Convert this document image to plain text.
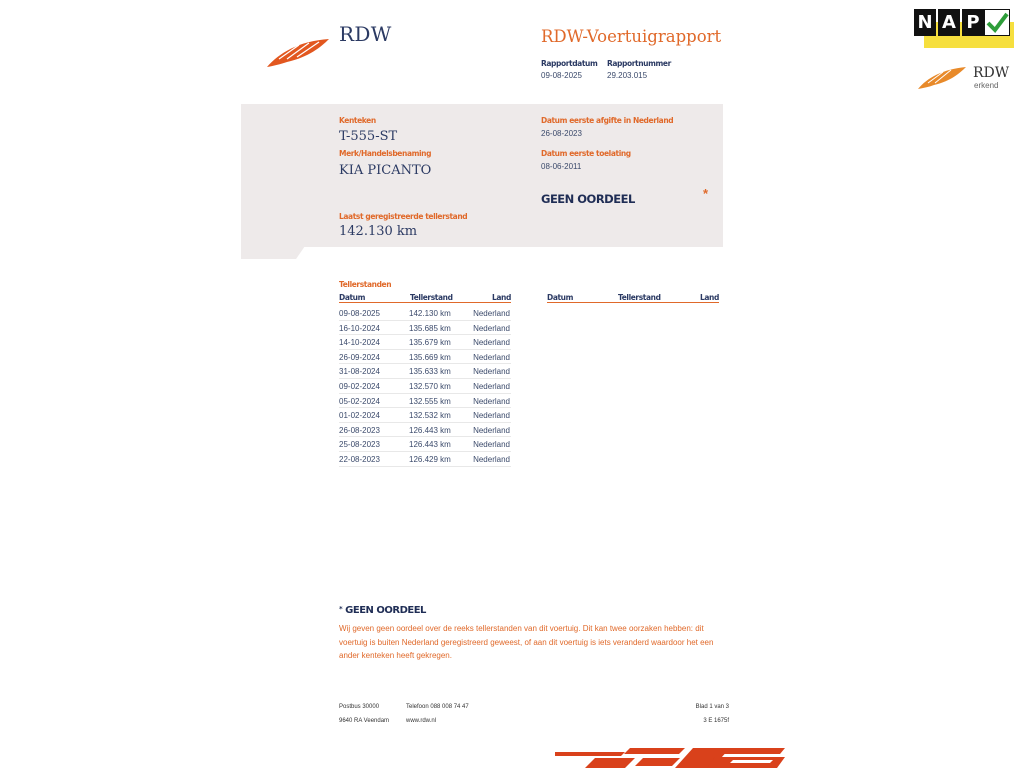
RDW	RDW-Voertuigrapport
Rapportdatum
09-08-2025
Rapportnummer
29.203.015
N A P
RDW
erkend
Kenteken
T-555-ST
Merk/Handelsbenaming
KIA PICANTO
Datum eerste afgifte in Nederland
26-08-2023
Datum eerste toelating
08-06-2011
GEEN OORDEEL	*
Laatst geregistreerde tellerstand
142.130 km
Tellerstanden
Datum	Tellerstand	Land	Datum	Tellerstand	Land
09-08-2025	142.130 km	Nederland
16-10-2024	135.685 km	Nederland
14-10-2024	135.679 km	Nederland
26-09-2024	135.669 km	Nederland
31-08-2024	135.633 km	Nederland
09-02-2024	132.570 km	Nederland
05-02-2024	132.555 km	Nederland
01-02-2024	132.532 km	Nederland
26-08-2023	126.443 km	Nederland
25-08-2023	126.443 km	Nederland
22-08-2023	126.429 km	Nederland
* GEEN OORDEEL
Wij geven geen oordeel over de reeks tellerstanden van dit voertuig. Dit kan twee oorzaken hebben: dit voertuig is buiten Nederland geregistreerd geweest, of aan dit voertuig is iets veranderd waardoor het een ander kenteken heeft gekregen.
Postbus 30000
9640 RA Veendam
Telefoon 088 008 74 47
www.rdw.nl
Blad 1 van 3
3 E 1675f
